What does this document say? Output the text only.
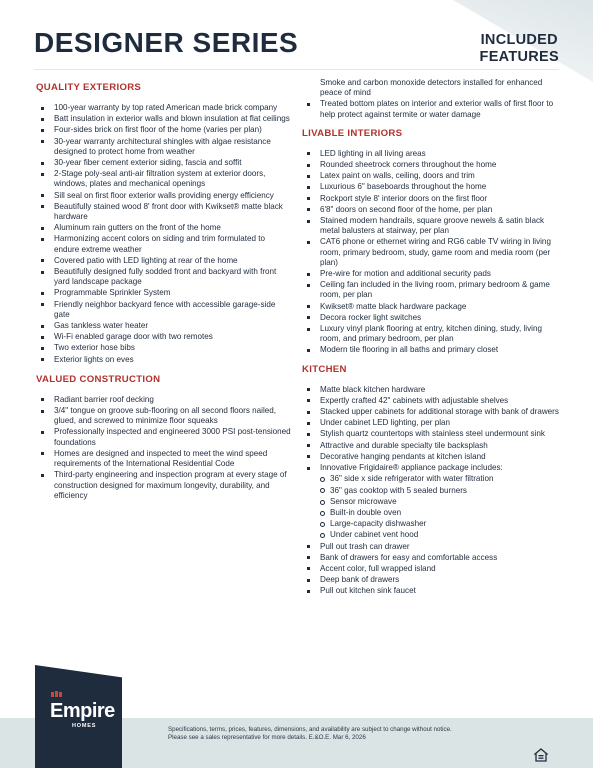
DESIGNER SERIES	INCLUDED
FEATURES
QUALITY EXTERIORS
100-year warranty by top rated American made brick company
Batt insulation in exterior walls and blown insulation at flat ceilings
Four-sides brick on first floor of the home (varies per plan)
30-year warranty architectural shingles with algae resistance designed to protect home from weather
30-year fiber cement exterior siding, fascia and soffit
2-Stage poly-seal anti-air filtration system at exterior doors, windows, plates and mechanical openings
Sill seal on first floor exterior walls providing energy efficiency
Beautifully stained wood 8' front door with Kwikset® matte black hardware
Aluminum rain gutters on the front of the home
Harmonizing accent colors on siding and trim formulated to endure extreme weather
Covered patio with LED lighting at rear of the home
Beautifully designed fully sodded front and backyard with front yard landscape package
Programmable Sprinkler System
Friendly neighbor backyard fence with accessible garage-side gate
Gas tankless water heater
Wi-Fi enabled garage door with two remotes
Two exterior hose bibs
Exterior lights on eves
VALUED CONSTRUCTION
Radiant barrier roof decking
3/4" tongue on groove sub-flooring on all second floors nailed, glued, and screwed to minimize floor squeaks
Professionally inspected and engineered 3000 PSI post-tensioned foundations
Homes are designed and inspected to meet the wind speed requirements of the International Residential Code
Third-party engineering and inspection program at every stage of construction designed for maximum longevity, durability, and efficiency
Smoke and carbon monoxide detectors installed for enhanced peace of mind
Treated bottom plates on interior and exterior walls of first floor to help protect against termite or water damage
LIVABLE INTERIORS
LED lighting in all living areas
Rounded sheetrock corners throughout the home
Latex paint on walls, ceiling, doors and trim
Luxurious 6" baseboards throughout the home
Rockport style 8' interior doors on the first floor
6'8" doors on second floor of the home, per plan
Stained modern handrails, square groove newels & satin black metal balusters at stairway, per plan
CAT6 phone or ethernet wiring and RG6 cable TV wiring in living room, primary bedroom, study, game room and media room (per plan)
Pre-wire for motion and additional security pads
Ceiling fan included in the living room, primary bedroom & game room, per plan
Kwikset® matte black hardware package
Decora rocker light switches
Luxury vinyl plank flooring at entry, kitchen dining, study, living room, and primary bedroom, per plan
Modern tile flooring in all baths and primary closet
KITCHEN
Matte black kitchen hardware
Expertly crafted 42" cabinets with adjustable shelves
Stacked upper cabinets for additional storage with bank of drawers
Under cabinet LED lighting, per plan
Stylish quartz countertops with stainless steel undermount sink
Attractive and durable specialty tile backsplash
Decorative hanging pendants at kitchen island
Innovative Frigidaire® appliance package includes:
36" side x side refrigerator with water filtration
36" gas cooktop with 5 sealed burners
Sensor microwave
Built-in double oven
Large-capacity dishwasher
Under cabinet vent hood
Pull out trash can drawer
Bank of drawers for easy and comfortable access
Accent color, full wrapped island
Deep bank of drawers
Pull out kitchen sink faucet
Empire
HOMES	Specifications, terms, prices, features, dimensions, and availability are subject to change without notice.
Please see a sales representative for more details. E.&O.E. Mar 6, 2026
